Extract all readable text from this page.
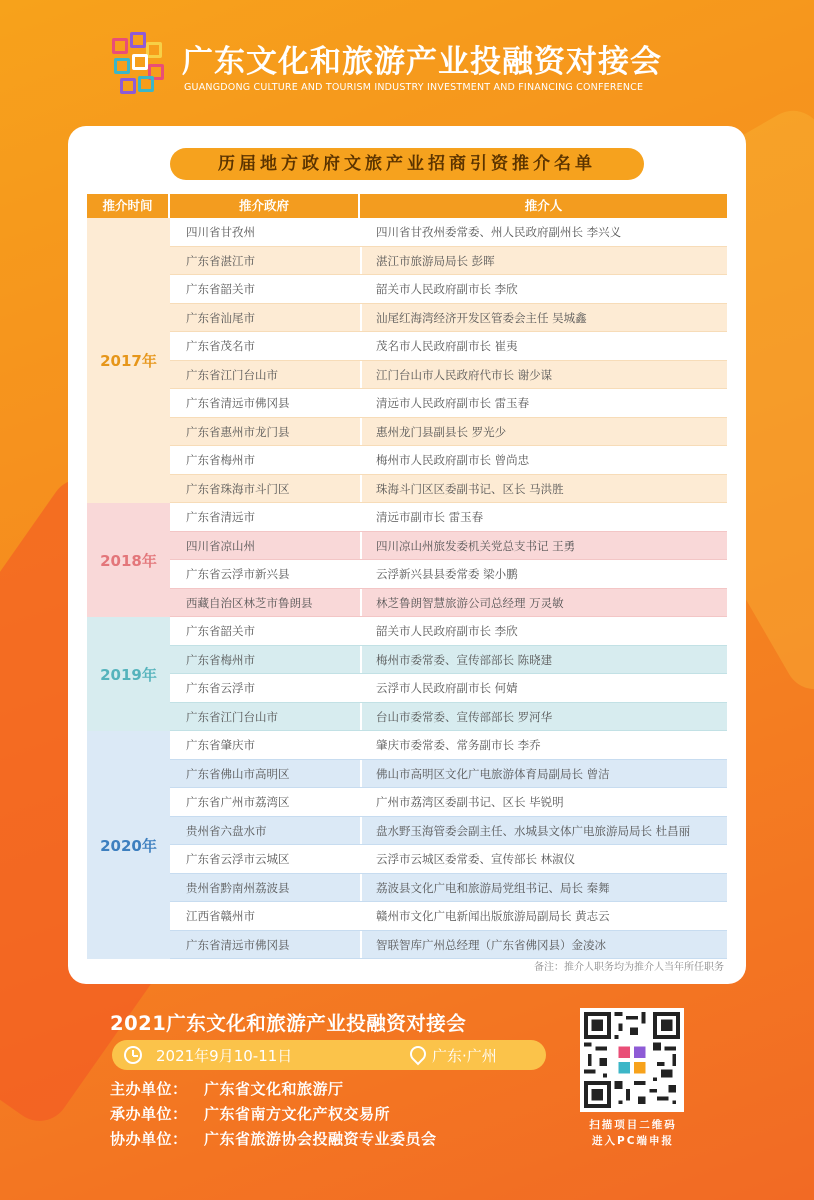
广东文化和旅游产业投融资对接会
GUANGDONG CULTURE AND TOURISM INDUSTRY INVESTMENT AND FINANCING CONFERENCE
历届地方政府文旅产业招商引资推介名单
推介时间	推介政府	推介人
2017年
四川省甘孜州	四川省甘孜州委常委、州人民政府副州长 李兴义
广东省湛江市	湛江市旅游局局长 彭晖
广东省韶关市	韶关市人民政府副市长 李欣
广东省汕尾市	汕尾红海湾经济开发区管委会主任 吴城鑫
广东省茂名市	茂名市人民政府副市长 崔夷
广东省江门台山市	江门台山市人民政府代市长 谢少谋
广东省清远市佛冈县	清远市人民政府副市长 雷玉春
广东省惠州市龙门县	惠州龙门县副县长 罗光少
广东省梅州市	梅州市人民政府副市长 曾尚忠
广东省珠海市斗门区	珠海斗门区区委副书记、区长 马洪胜
2018年
广东省清远市	清远市副市长 雷玉春
四川省凉山州	四川凉山州旅发委机关党总支书记 王勇
广东省云浮市新兴县	云浮新兴县县委常委 梁小鹏
西藏自治区林芝市鲁朗县	林芝鲁朗智慧旅游公司总经理 万灵敏
2019年
广东省韶关市	韶关市人民政府副市长 李欣
广东省梅州市	梅州市委常委、宣传部部长 陈晓建
广东省云浮市	云浮市人民政府副市长 何婧
广东省江门台山市	台山市委常委、宣传部部长 罗河华
2020年
广东省肇庆市	肇庆市委常委、常务副市长 李乔
广东省佛山市高明区	佛山市高明区文化广电旅游体育局副局长 曾洁
广东省广州市荔湾区	广州市荔湾区委副书记、区长 毕锐明
贵州省六盘水市	盘水野玉海管委会副主任、水城县文体广电旅游局局长 杜昌丽
广东省云浮市云城区	云浮市云城区委常委、宣传部长 林淑仪
贵州省黔南州荔波县	荔波县文化广电和旅游局党组书记、局长 秦舞
江西省赣州市	赣州市文化广电新闻出版旅游局副局长 黄志云
广东省清远市佛冈县	智联智库广州总经理（广东省佛冈县）金凌冰
备注：推介人职务均为推介人当年所任职务
2021广东文化和旅游产业投融资对接会
2021年9月10-11日	广东·广州
主办单位： 广东省文化和旅游厅
承办单位： 广东省南方文化产权交易所
协办单位： 广东省旅游协会投融资专业委员会
扫描项目二维码
进入PC端申报
